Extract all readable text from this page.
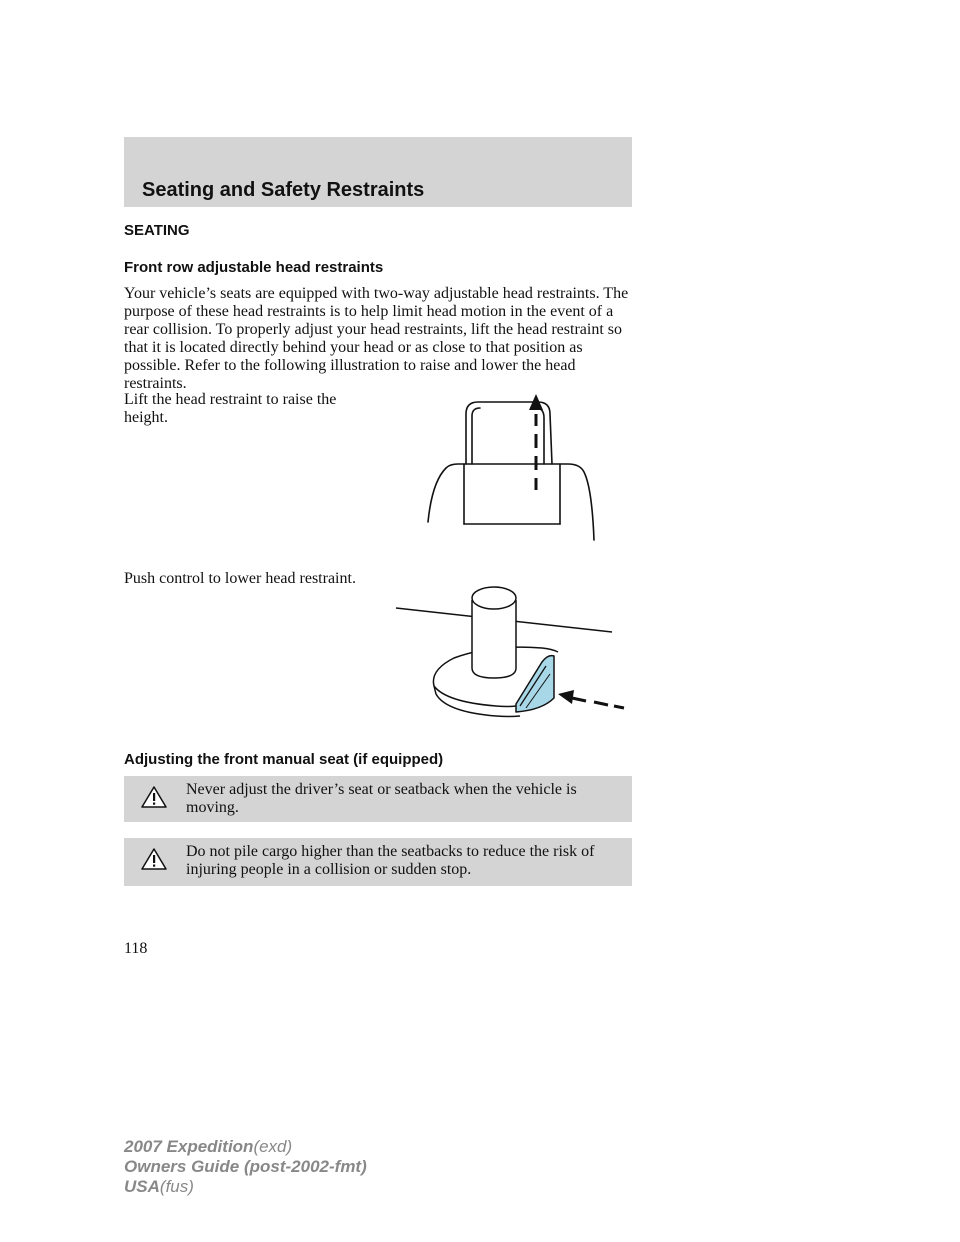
Seating and Safety Restraints
SEATING
Front row adjustable head restraints

Your vehicle’s seats are equipped with two-way adjustable head restraints. The purpose of these head restraints is to help limit head motion in the event of a rear collision. To properly adjust your head restraints, lift the head restraint so that it is located directly behind your head or as close to that position as possible. Refer to the following illustration to raise and lower the head restraints.

Lift the head restraint to raise the height.

Push control to lower head restraint.

Adjusting the front manual seat (if equipped)

Never adjust the driver’s seat or seatback when the vehicle is moving.

Do not pile cargo higher than the seatbacks to reduce the risk of injuring people in a collision or sudden stop.

118

2007 Expedition(exd)
Owners Guide (post-2002-fmt)
USA(fus)
